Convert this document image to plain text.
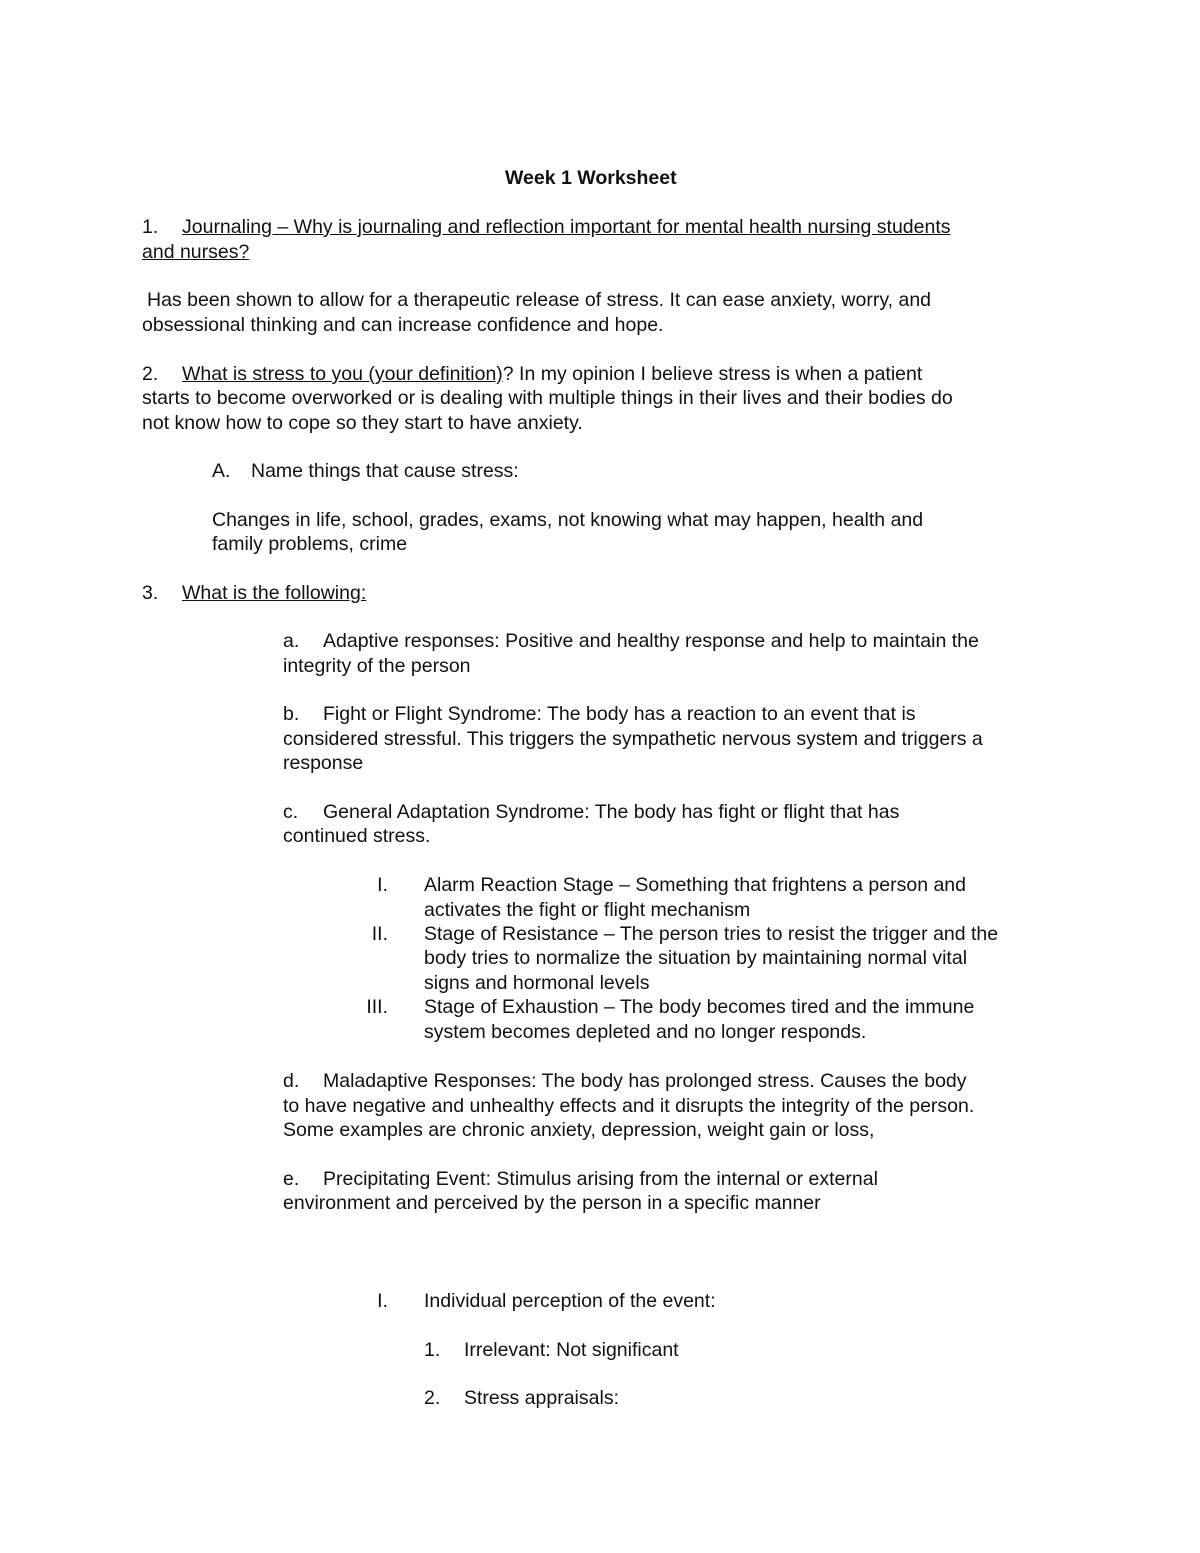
Week 1 Worksheet
1. Journaling – Why is journaling and reflection important for mental health nursing students
and nurses?
Has been shown to allow for a therapeutic release of stress. It can ease anxiety, worry, and
obsessional thinking and can increase confidence and hope.
2. What is stress to you (your definition)? In my opinion I believe stress is when a patient
starts to become overworked or is dealing with multiple things in their lives and their bodies do
not know how to cope so they start to have anxiety.
A. Name things that cause stress:
Changes in life, school, grades, exams, not knowing what may happen, health and
family problems, crime
3. What is the following:
a. Adaptive responses: Positive and healthy response and help to maintain the
integrity of the person
b. Fight or Flight Syndrome: The body has a reaction to an event that is
considered stressful. This triggers the sympathetic nervous system and triggers a
response
c. General Adaptation Syndrome: The body has fight or flight that has
continued stress.
I. Alarm Reaction Stage – Something that frightens a person and
activates the fight or flight mechanism
II. Stage of Resistance – The person tries to resist the trigger and the
body tries to normalize the situation by maintaining normal vital
signs and hormonal levels
III. Stage of Exhaustion – The body becomes tired and the immune
system becomes depleted and no longer responds.
d. Maladaptive Responses: The body has prolonged stress. Causes the body
to have negative and unhealthy effects and it disrupts the integrity of the person.
Some examples are chronic anxiety, depression, weight gain or loss,
e. Precipitating Event: Stimulus arising from the internal or external
environment and perceived by the person in a specific manner
I. Individual perception of the event:
1. Irrelevant: Not significant
2. Stress appraisals:
